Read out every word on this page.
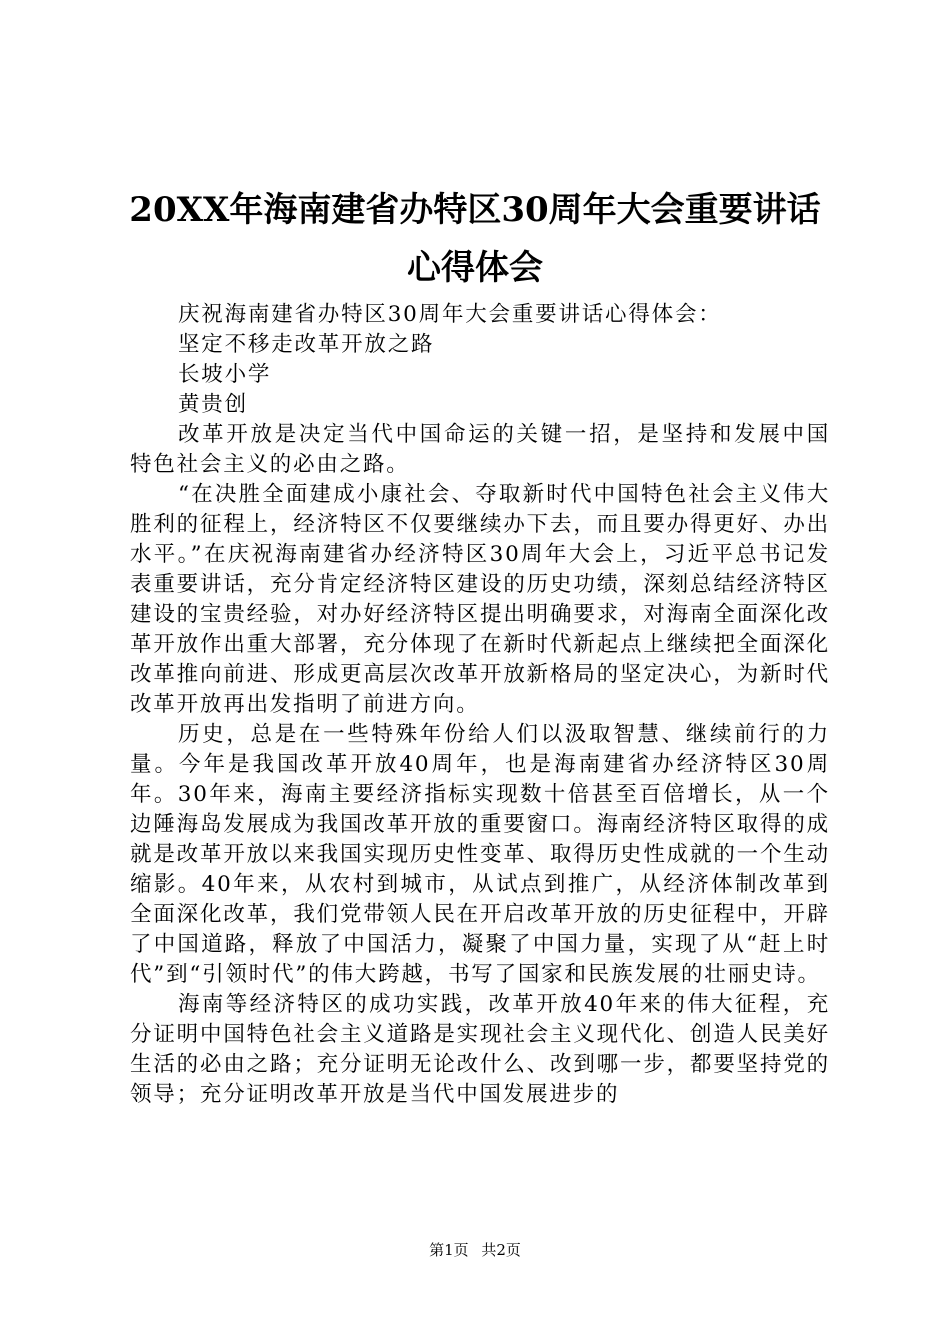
20XX年海南建省办特区30周年大会重要讲话
心得体会

庆祝海南建省办特区30周年大会重要讲话心得体会：

坚定不移走改革开放之路

长坡小学

黄贵创

改革开放是决定当代中国命运的关键一招，是坚持和发展中国特色社会主义的必由之路。

“在决胜全面建成小康社会、夺取新时代中国特色社会主义伟大胜利的征程上，经济特区不仅要继续办下去，而且要办得更好、办出水平。”在庆祝海南建省办经济特区30周年大会上，习近平总书记发表重要讲话，充分肯定经济特区建设的历史功绩，深刻总结经济特区建设的宝贵经验，对办好经济特区提出明确要求，对海南全面深化改革开放作出重大部署，充分体现了在新时代新起点上继续把全面深化改革推向前进、形成更高层次改革开放新格局的坚定决心，为新时代改革开放再出发指明了前进方向。

历史，总是在一些特殊年份给人们以汲取智慧、继续前行的力量。今年是我国改革开放40周年，也是海南建省办经济特区30周年。30年来，海南主要经济指标实现数十倍甚至百倍增长，从一个边陲海岛发展成为我国改革开放的重要窗口。海南经济特区取得的成就是改革开放以来我国实现历史性变革、取得历史性成就的一个生动缩影。40年来，从农村到城市，从试点到推广，从经济体制改革到全面深化改革，我们党带领人民在开启改革开放的历史征程中，开辟了中国道路，释放了中国活力，凝聚了中国力量，实现了从“赶上时代”到“引领时代”的伟大跨越，书写了国家和民族发展的壮丽史诗。

海南等经济特区的成功实践，改革开放40年来的伟大征程，充分证明中国特色社会主义道路是实现社会主义现代化、创造人民美好生活的必由之路；充分证明无论改什么、改到哪一步，都要坚持党的领导；充分证明改革开放是当代中国发展进步的

第1页 共2页
